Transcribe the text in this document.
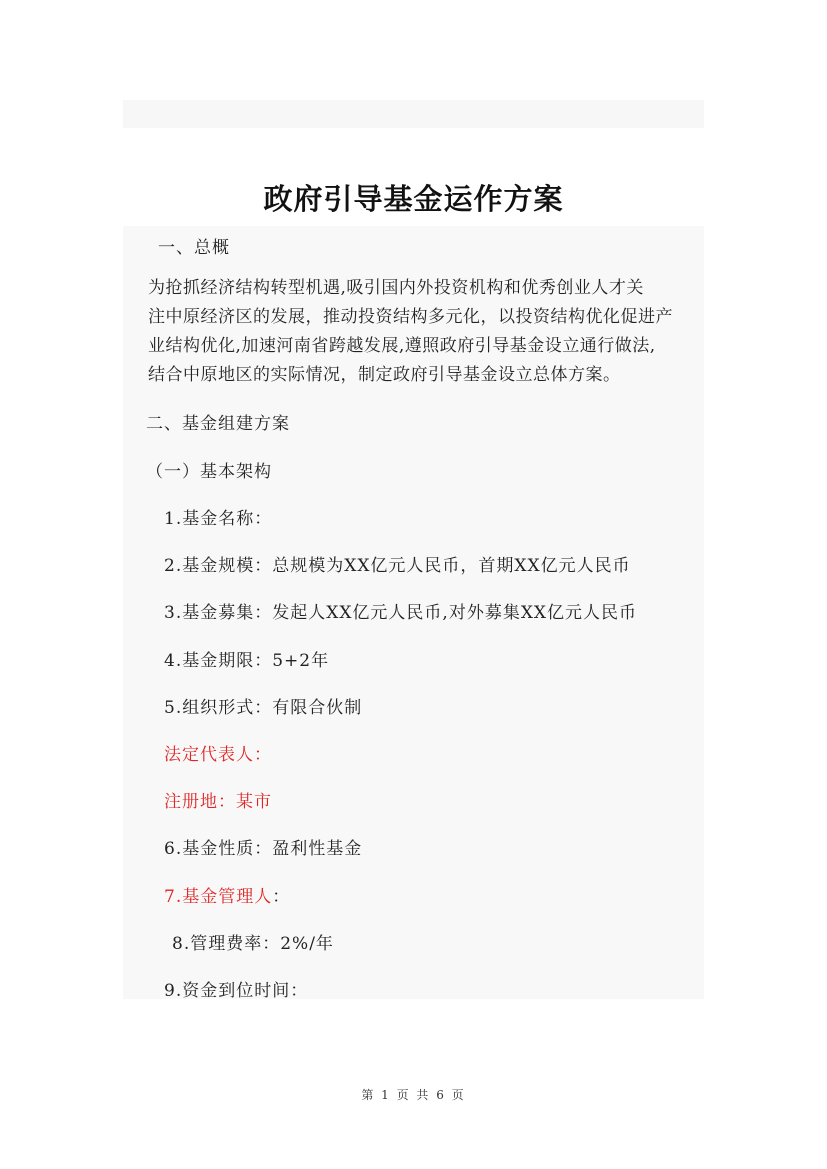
政府引导基金运作方案
一、总概
为抢抓经济结构转型机遇,吸引国内外投资机构和优秀创业人才关
注中原经济区的发展，推动投资结构多元化，以投资结构优化促进产
业结构优化,加速河南省跨越发展,遵照政府引导基金设立通行做法,
结合中原地区的实际情况，制定政府引导基金设立总体方案。
二、基金组建方案
（一）基本架构
1.基金名称：
2.基金规模：总规模为XX亿元人民币，首期XX亿元人民币
3.基金募集：发起人XX亿元人民币,对外募集XX亿元人民币
4.基金期限：5+2年
5.组织形式：有限合伙制
法定代表人：
注册地：某市
6.基金性质：盈利性基金
7.基金管理人：
8.管理费率：2%/年
9.资金到位时间：
第 1 页 共 6 页
